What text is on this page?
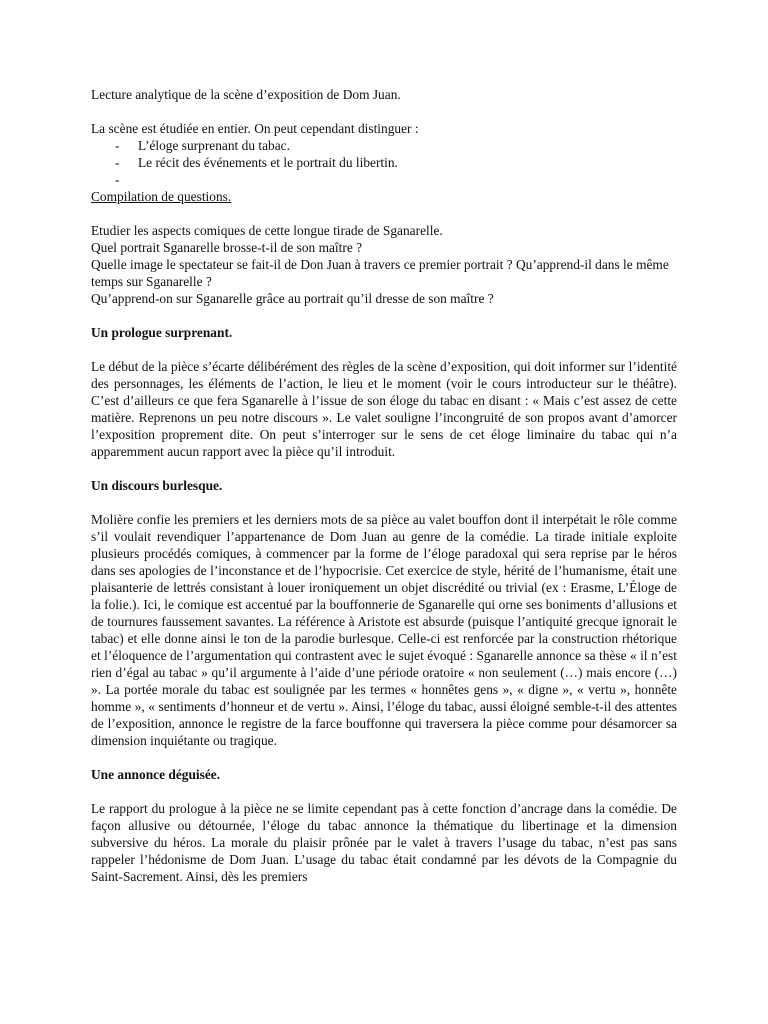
Lecture analytique de la scène d’exposition de Dom Juan.

La scène est étudiée en entier. On peut cependant distinguer :

- L’éloge surprenant du tabac.
- Le récit des événements et le portrait du libertin.
-

Compilation de questions.

Etudier les aspects comiques de cette longue tirade de Sganarelle.

Quel portrait Sganarelle brosse-t-il de son maître ?

Quelle image le spectateur se fait-il de Don Juan à travers ce premier portrait ? Qu’apprend-il dans le même temps sur Sganarelle ?

Qu’apprend-on sur Sganarelle grâce au portrait qu’il dresse de son maître ?

Un prologue surprenant.

Le début de la pièce s’écarte délibérément des règles de la scène d’exposition, qui doit informer sur l’identité des personnages, les éléments de l’action, le lieu et le moment (voir le cours introducteur sur le théâtre). C’est d’ailleurs ce que fera Sganarelle à l’issue de son éloge du tabac en disant : « Mais c’est assez de cette matière. Reprenons un peu notre discours ». Le valet souligne l’incongruité de son propos avant d’amorcer l’exposition proprement dite. On peut s’interroger sur le sens de cet éloge liminaire du tabac qui n’a apparemment aucun rapport avec la pièce qu’il introduit.

Un discours burlesque.

Molière confie les premiers et les derniers mots de sa pièce au valet bouffon dont il interpétait le rôle comme s’il voulait revendiquer l’appartenance de Dom Juan au genre de la comédie. La tirade initiale exploite plusieurs procédés comiques, à commencer par la forme de l’éloge paradoxal qui sera reprise par le héros dans ses apologies de l’inconstance et de l’hypocrisie. Cet exercice de style, hérité de l’humanisme, était une plaisanterie de lettrés consistant à louer ironiquement un objet discrédité ou trivial (ex : Erasme, L’Éloge de la folie.). Ici, le comique est accentué par la bouffonnerie de Sganarelle qui orne ses boniments d’allusions et de tournures faussement savantes. La référence à Aristote est absurde (puisque l’antiquité grecque ignorait le tabac) et elle donne ainsi le ton de la parodie burlesque. Celle-ci est renforcée par la construction rhétorique et l’éloquence de l’argumentation qui contrastent avec le sujet évoqué : Sganarelle annonce sa thèse « il n’est rien d’égal au tabac » qu’il argumente à l’aide d’une période oratoire « non seulement (…) mais encore (…) ». La portée morale du tabac est soulignée par les termes « honnêtes gens », « digne », « vertu », honnête homme », « sentiments d’honneur et de vertu ». Ainsi, l’éloge du tabac, aussi éloigné semble-t-il des attentes de l’exposition, annonce le registre de la farce bouffonne qui traversera la pièce comme pour désamorcer sa dimension inquiétante ou tragique.

Une annonce déguisée.

Le rapport du prologue à la pièce ne se limite cependant pas à cette fonction d’ancrage dans la comédie. De façon allusive ou détournée, l’éloge du tabac annonce la thématique du libertinage et la dimension subversive du héros. La morale du plaisir prônée par le valet à travers l’usage du tabac, n’est pas sans rappeler l’hédonisme de Dom Juan. L’usage du tabac était condamné par les dévots de la Compagnie du Saint-Sacrement. Ainsi, dès les premiers
